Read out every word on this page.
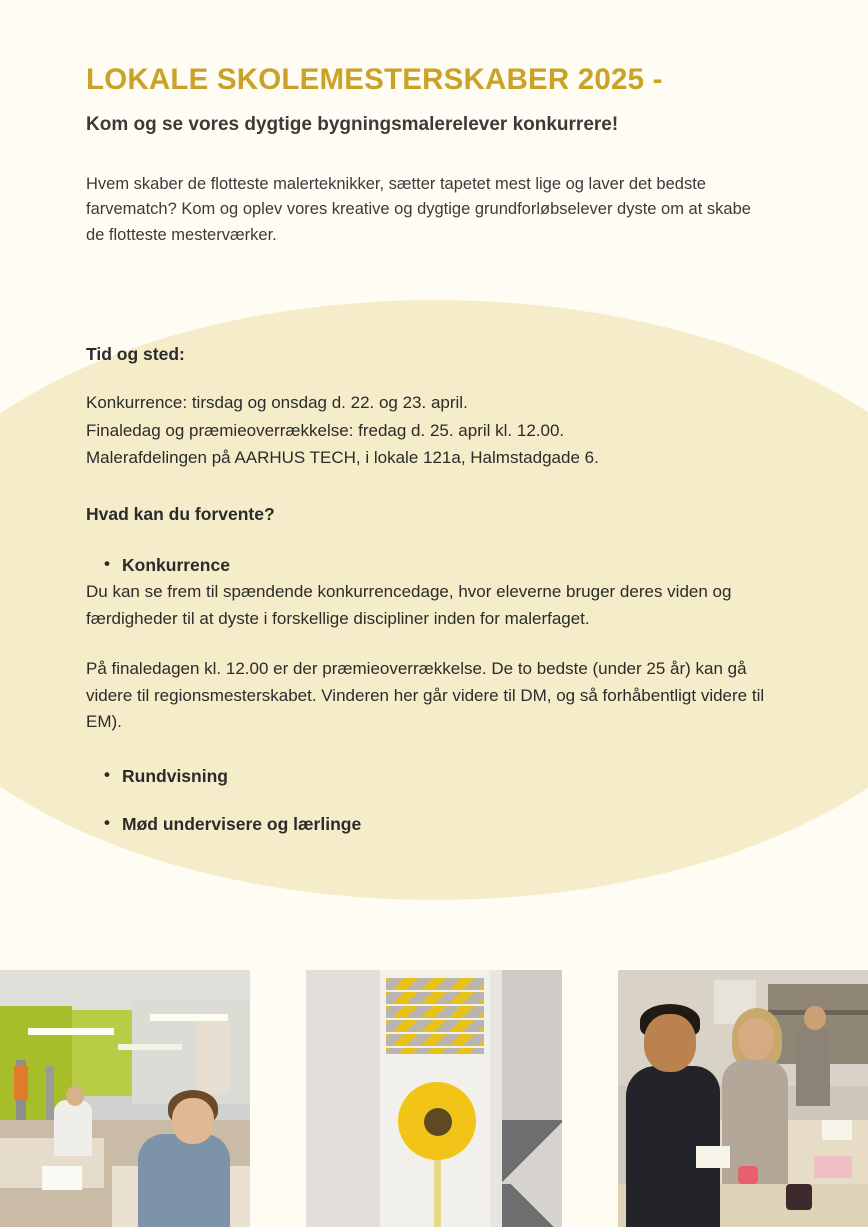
LOKALE SKOLEMESTERSKABER 2025 -

Kom og se vores dygtige bygningsmalerelever konkurrere!

Hvem skaber de flotteste malerteknikker, sætter tapetet mest lige og laver det bedste farvematch? Kom og oplev vores kreative og dygtige grundforløbselever dyste om at skabe de flotteste mesterværker.

Tid og sted:
Konkurrence: tirsdag og onsdag d. 22. og 23. april.
Finaledag og præmieoverrækkelse: fredag d. 25. april kl. 12.00.
Malerafdelingen på AARHUS TECH, i lokale 121a, Halmstadgade 6.
Hvad kan du forvente?
• Konkurrence

Du kan se frem til spændende konkurrencedage, hvor eleverne bruger deres viden og færdigheder til at dyste i forskellige discipliner inden for malerfaget.

På finaledagen kl. 12.00 er der præmieoverrækkelse. De to bedste (under 25 år) kan gå videre til regionsmesterskabet. Vinderen her går videre til DM, og så forhåbentligt videre til EM).

• Rundvisning
• Mød undervisere og lærlinge
